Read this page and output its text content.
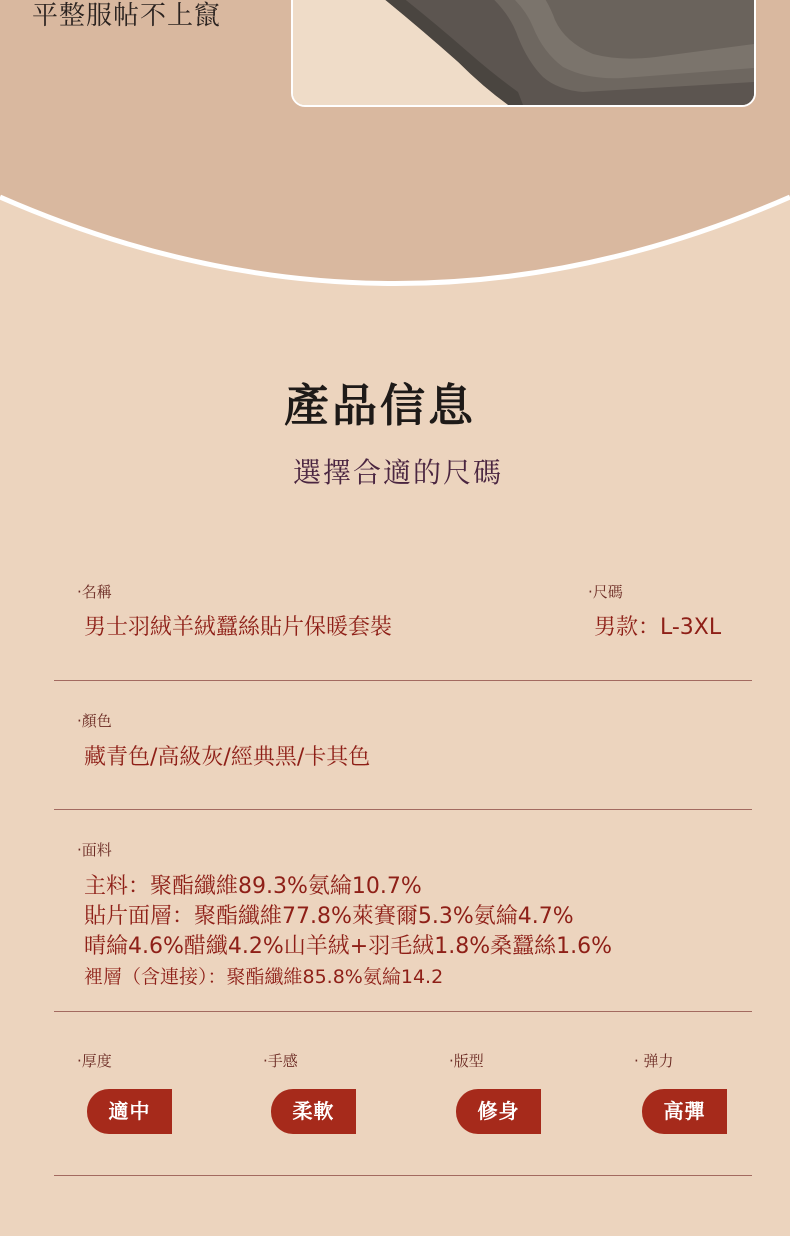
平整服帖不上竄
產品信息
選擇合適的尺碼
·名稱
男士羽絨羊絨蠶絲貼片保暖套裝
·尺碼
男款：L-3XL
·顏色
藏青色/高級灰/經典黑/卡其色
·面料
主料：聚酯纖維89.3%氨綸10.7%
貼片面層：聚酯纖維77.8%萊賽爾5.3%氨綸4.7%
晴綸4.6%醋纖4.2%山羊絨+羽毛絨1.8%桑蠶絲1.6%
裡層（含連接）：聚酯纖維85.8%氨綸14.2
·厚度
適中
·手感
柔軟
·版型
修身
· 弹力
高彈
